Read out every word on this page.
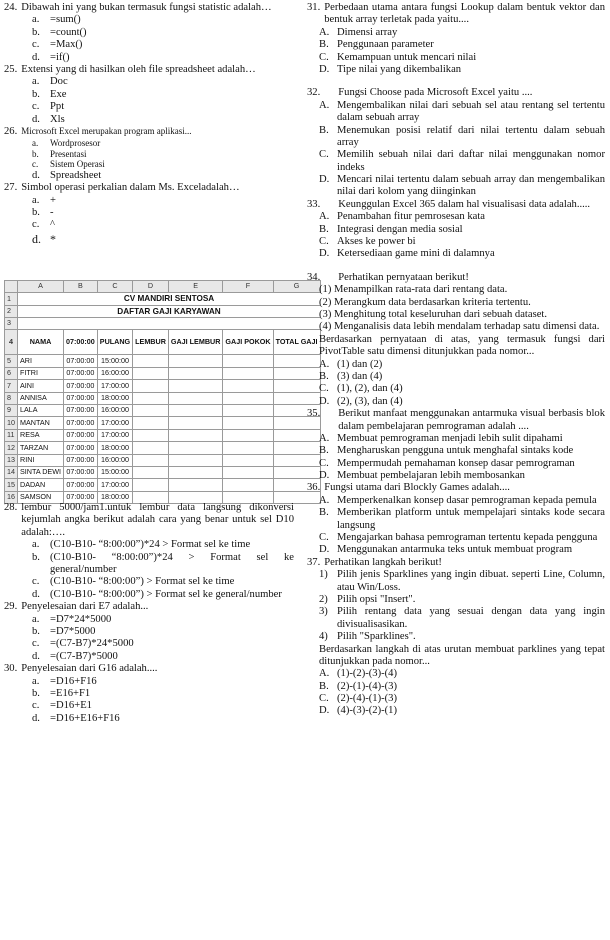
24. Dibawah ini yang bukan termasuk fungsi statistic adalah…
a.	=sum()
b. =count()
c.	=Max()
d. =if()
25. Extensi yang di hasilkan oleh file spreadsheet adalah…
a.	Doc
b. Exe
c.	Ppt
d. Xls
26. Microsoft Excel merupakan program aplikasi...
a.	Wordprosesor
b.	Presentasi
c.	Sistem Operasi
d. Spreadsheet
27. Simbol operasi perkalian dalam Ms. Exceladalah…
a.	+
b. -
c.	^
d. *
	A	B	C	D	E	F	G
1	CV MANDIRI SENTOSA						
2	DAFTAR GAJI KARYAWAN						
3							
4	NAMA	07:00:00	PULANG	LEMBUR	GAJI LEMBUR	GAJI POKOK	TOTAL GAJI
5	ARI	07:00:00	15:00:00				
6	FITRI	07:00:00	16:00:00				
7	AINI	07:00:00	17:00:00				
8	ANNISA	07:00:00	18:00:00				
9	LALA	07:00:00	16:00:00				
10	MANTAN	07:00:00	17:00:00				
11	RESA	07:00:00	17:00:00				
12	TARZAN	07:00:00	18:00:00				
13	RINI	07:00:00	16:00:00				
14	SINTA DEWI	07:00:00	15:00:00				
15	DADAN	07:00:00	17:00:00				
16	SAMSON	07:00:00	18:00:00				
28. lembur 5000/jam1.untuk lembur data langsung dikonversi kejumlah angka berikut adalah cara yang benar untuk sel D10 adalah:….
a.	(C10-B10- “8:00:00”)*24 > Format sel ke time
b. (C10-B10- “8:00:00”)*24 > Format sel ke general/number
c.	(C10-B10- “8:00:00”) > Format sel ke time
d. (C10-B10- “8:00:00”) > Format sel ke general/number
29. Penyelesaian dari E7 adalah...
a.	=D7*24*5000
b. =D7*5000
c.	=(C7-B7)*24*5000
d. =(C7-B7)*5000
30. Penyelesaian dari G16 adalah....
a.	=D16+F16
b. =E16+F1
c.	=D16+E1
d. =D16+E16+F16
31. Perbedaan utama antara fungsi Lookup dalam bentuk vektor dan bentuk array terletak pada yaitu....
A. Dimensi array
B. Penggunaan parameter
C. Kemampuan untuk mencari nilai
D. Tipe nilai yang dikembalikan
32. Fungsi Choose pada Microsoft Excel yaitu ....
A. Mengembalikan nilai dari sebuah sel atau rentang sel tertentu dalam sebuah array
B. Menemukan posisi relatif dari nilai tertentu dalam sebuah array
C. Memilih sebuah nilai dari daftar nilai menggunakan nomor indeks
D. Mencari nilai tertentu dalam sebuah array dan mengembalikan nilai dari kolom yang diinginkan
33. Keunggulan Excel 365 dalam hal visualisasi data adalah.....
A. Penambahan fitur pemrosesan kata
B. Integrasi dengan media sosial
C. Akses ke power bi
D. Ketersediaan game mini di dalamnya
34. Perhatikan pernyataan berikut!
(1) Menampilkan rata-rata dari rentang data.
(2) Merangkum data berdasarkan kriteria tertentu.
(3) Menghitung total keseluruhan dari sebuah dataset.
(4) Menganalisis data lebih mendalam terhadap satu dimensi data.
Berdasarkan pernyataan di atas, yang termasuk fungsi dari PivotTable satu dimensi ditunjukkan pada nomor...
A. (1) dan (2)
B. (3) dan (4)
C. (1), (2), dan (4)
D. (2), (3), dan (4)
35. Berikut manfaat menggunakan antarmuka visual berbasis blok dalam pembelajaran pemrograman adalah ....
A. Membuat pemrograman menjadi lebih sulit dipahami
B. Mengharuskan pengguna untuk menghafal sintaks kode
C. Mempermudah pemahaman konsep dasar pemrograman
D. Membuat pembelajaran lebih membosankan
36. Fungsi utama dari Blockly Games adalah....
A. Memperkenalkan konsep dasar pemrograman kepada pemula
B. Memberikan platform untuk mempelajari sintaks kode secara langsung
C. Mengajarkan bahasa pemrograman tertentu kepada pengguna
D. Menggunakan antarmuka teks untuk membuat program
37. Perhatikan langkah berikut!
1) Pilih jenis Sparklines yang ingin dibuat. seperti Line, Column, atau Win/Loss.
2) Pilih opsi "Insert".
3) Pilih rentang data yang sesuai dengan data yang ingin divisualisasikan.
4) Pilih "Sparklines".
Berdasarkan langkah di atas urutan membuat parklines yang tepat ditunjukkan pada nomor...
A. (1)-(2)-(3)-(4)
B. (2)-(1)-(4)-(3)
C. (2)-(4)-(1)-(3)
D. (4)-(3)-(2)-(1)
